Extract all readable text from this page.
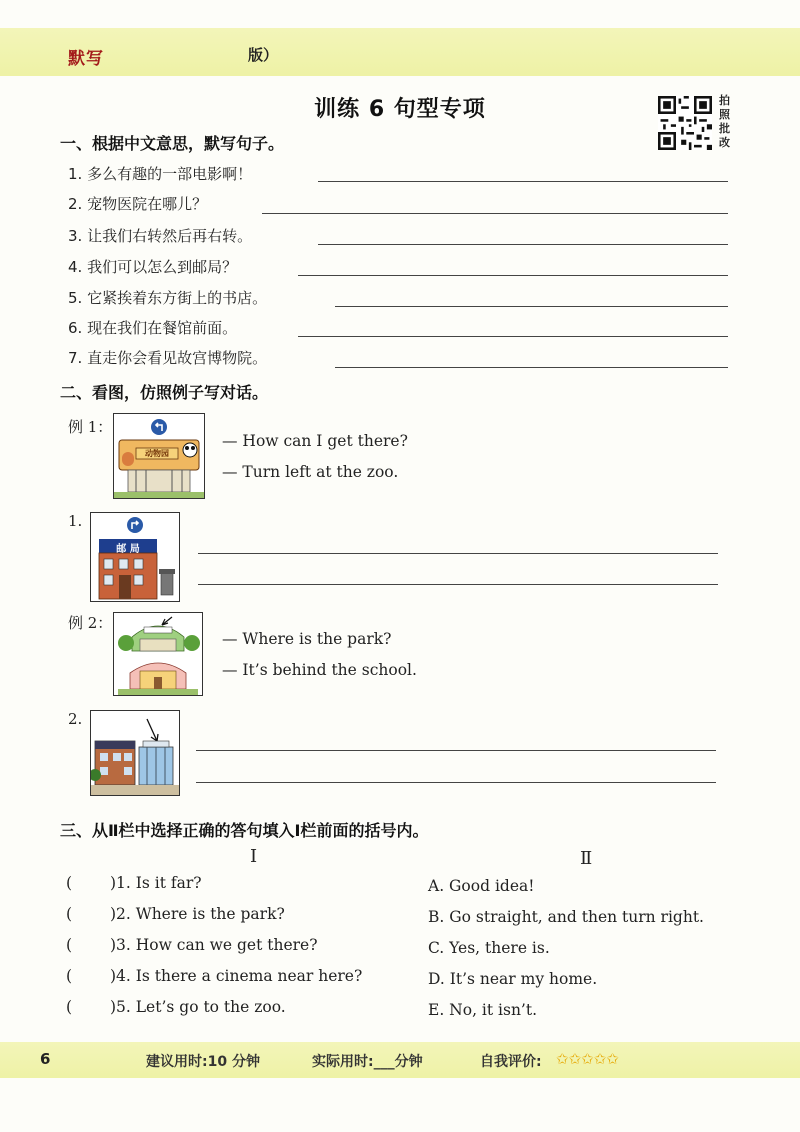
默写	版）
训练 6 句型专项	拍照批改
一、根据中文意思，默写句子。
1. 多么有趣的一部电影啊！
2. 宠物医院在哪儿？
3. 让我们右转然后再右转。
4. 我们可以怎么到邮局？
5. 它紧挨着东方街上的书店。
6. 现在我们在餐馆前面。
7. 直走你会看见故宫博物院。
二、看图，仿照例子写对话。
例 1：
动物园
— How can I get there?
— Turn left at the zoo.
1.
邮 局
例 2：
— Where is the park?
— It’s behind the school.
2.
三、从Ⅱ栏中选择正确的答句填入Ⅰ栏前面的括号内。
Ⅰ	Ⅱ
( )1. Is it far?
( )2. Where is the park?
( )3. How can we get there?
( )4. Is there a cinema near here?
( )5. Let’s go to the zoo.
A. Good idea!
B. Go straight, and then turn right.
C. Yes, there is.
D. It’s near my home.
E. No, it isn’t.
6	建议用时:10 分钟	实际用时:___分钟	自我评价: ✩✩✩✩✩
